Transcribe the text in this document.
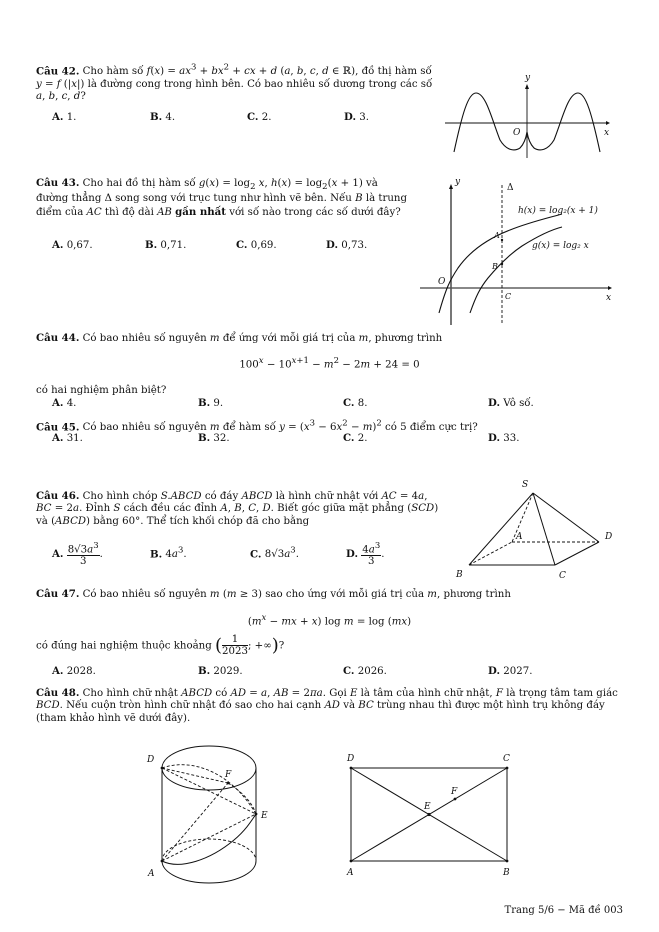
Câu 42. Cho hàm số $f(x) = ax^3 + bx^2$ + cx + d (a, b, c, d ∈ ℝ), đồ thị hàm số y = f (|x|) là đường cong trong hình bên. Có bao nhiêu số dương trong các số a, b, c, d?
A. 1.	B. 4.	C. 2.	D. 3.
y
x
O
Câu 43. Cho hai đồ thị hàm số $g(x) = \log_2 x$, $h(x) = \log_2(x + 1)$ và đường thẳng Δ song song với trục tung như hình vẽ bên. Nếu B là trung điểm của AC thì độ dài AB gần nhất với số nào trong các số dưới đây?
A. 0,67.	B. 0,71.	C. 0,69.	D. 0,73.
y
x
O
Δ
h(x) = log₂(x + 1)
g(x) = log₂ x
A
B
C
Câu 44. Có bao nhiêu số nguyên m để ứng với mỗi giá trị của m, phương trình
$100^x - 10^{x+1} - m^2 - 2m + 24 = 0$
có hai nghiệm phân biệt?
A. 4.	B. 9.	C. 8.	D. Vô số.
Câu 45. Có bao nhiêu số nguyên m để hàm số $y = (x^3 - 6x^2 - m)^2$ có 5 điểm cực trị?
A. 31.	B. 32.	C. 2.	D. 33.
Câu 46. Cho hình chóp S.ABCD có đáy ABCD là hình chữ nhật với AC = 4a, BC = 2a. Đỉnh S cách đều các đỉnh A, B, C, D. Biết góc giữa mặt phẳng (SCD) và (ABCD) bằng 60°. Thể tích khối chóp đã cho bằng
A. $\frac{8√3a^3}{3}$ .	B. $4a^3$.	C. $8√3a^3$.	D. $\frac{4a^3}{3}$ .
S
A
B	C
D
Câu 47. Có bao nhiêu số nguyên m (m ≥ 3) sao cho ứng với mỗi giá trị của m, phương trình
($m^x$ − mx + x) log m = log (mx)
có đúng hai nghiệm thuộc khoảng ( $\frac{1}{2023}$ ; +∞)?
A. 2028.	B. 2029.	C. 2026.	D. 2027.
Câu 48. Cho hình chữ nhật ABCD có AD = a, AB = 2πa. Gọi E là tâm của hình chữ nhật, F là trọng tâm tam giác BCD. Nếu cuộn tròn hình chữ nhật đó sao cho hai cạnh AD và BC trùng nhau thì được một hình trụ không đáy (tham khảo hình vẽ dưới đây).
D
F
E
A
D	C
E
F
A	B
Trang 5/6 − Mã đề 003
